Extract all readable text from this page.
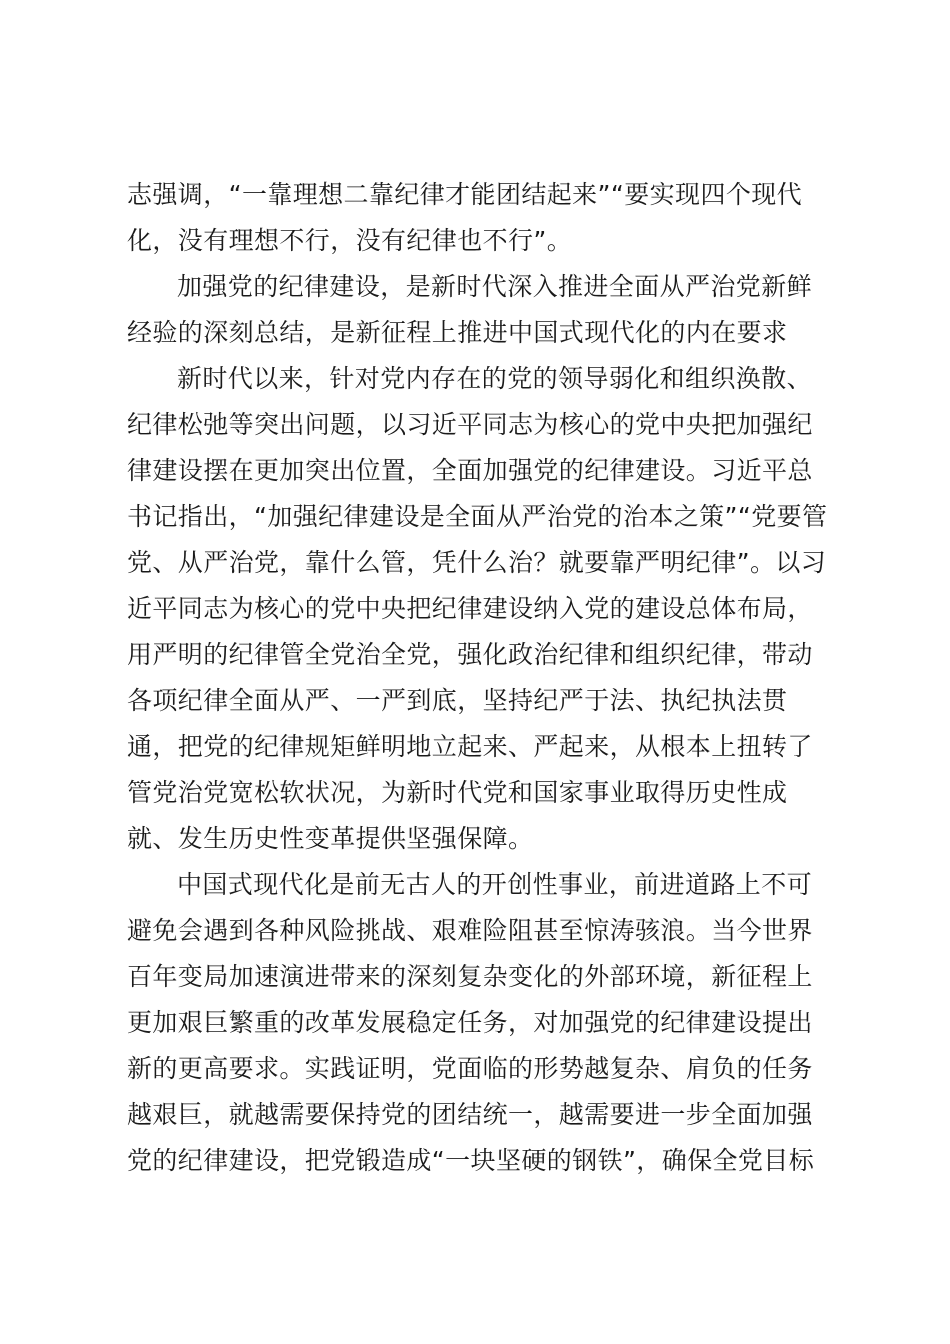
志强调，“一靠理想二靠纪律才能团结起来”“要实现四个现代
化，没有理想不行，没有纪律也不行”。
加强党的纪律建设，是新时代深入推进全面从严治党新鲜
经验的深刻总结，是新征程上推进中国式现代化的内在要求
新时代以来，针对党内存在的党的领导弱化和组织涣散、
纪律松弛等突出问题，以习近平同志为核心的党中央把加强纪
律建设摆在更加突出位置，全面加强党的纪律建设。习近平总
书记指出，“加强纪律建设是全面从严治党的治本之策”“党要管
党、从严治党，靠什么管，凭什么治？就要靠严明纪律”。以习
近平同志为核心的党中央把纪律建设纳入党的建设总体布局，
用严明的纪律管全党治全党，强化政治纪律和组织纪律，带动
各项纪律全面从严、一严到底，坚持纪严于法、执纪执法贯
通，把党的纪律规矩鲜明地立起来、严起来，从根本上扭转了
管党治党宽松软状况，为新时代党和国家事业取得历史性成
就、发生历史性变革提供坚强保障。
中国式现代化是前无古人的开创性事业，前进道路上不可
避免会遇到各种风险挑战、艰难险阻甚至惊涛骇浪。当今世界
百年变局加速演进带来的深刻复杂变化的外部环境，新征程上
更加艰巨繁重的改革发展稳定任务，对加强党的纪律建设提出
新的更高要求。实践证明，党面临的形势越复杂、肩负的任务
越艰巨，就越需要保持党的团结统一，越需要进一步全面加强
党的纪律建设，把党锻造成“一块坚硬的钢铁”，确保全党目标
